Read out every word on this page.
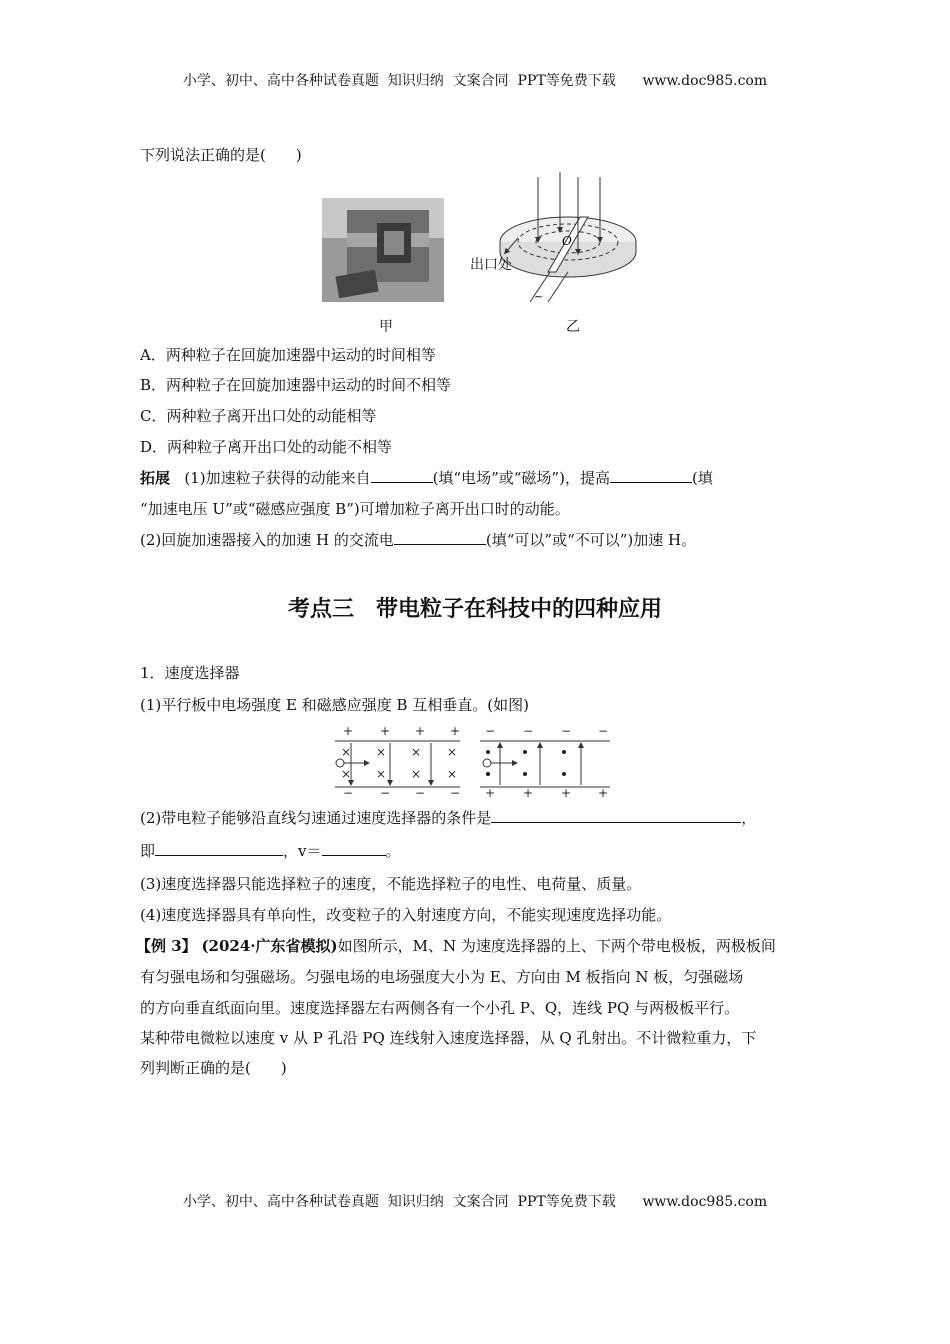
小学、初中、高中各种试卷真题  知识归纳  文案合同  PPT等免费下载      www.doc985.com
下列说法正确的是(　　)
O
~
出口处
甲	乙
A．两种粒子在回旋加速器中运动的时间相等
B．两种粒子在回旋加速器中运动的时间不相等
C．两种粒子离开出口处的动能相等
D．两种粒子离开出口处的动能不相等
拓展 (1)加速粒子获得的动能来自	(填“电场”或“磁场”)，提高	(填
“加速电压 U”或“磁感应强度 B”)可增加粒子离开出口时的动能。
(2)回旋加速器接入的加速 H 的交流电	(填“可以”或“不可以”)加速 H。
考点三　带电粒子在科技中的四种应用
1．速度选择器
(1)平行板中电场强度 E 和磁感应强度 B 互相垂直。(如图)
+ + + +
− − − −
− − − −
+ + + +
× × × ×
× × × ×
(2)带电粒子能够沿直线匀速通过速度选择器的条件是	，
即	，v＝	。
(3)速度选择器只能选择粒子的速度，不能选择粒子的电性、电荷量、质量。
(4)速度选择器具有单向性，改变粒子的入射速度方向，不能实现速度选择功能。
【例 3】 (2024·广东省模拟)如图所示，M、N 为速度选择器的上、下两个带电极板，两极板间
有匀强电场和匀强磁场。匀强电场的电场强度大小为 E、方向由 M 板指向 N 板，匀强磁场
的方向垂直纸面向里。速度选择器左右两侧各有一个小孔 P、Q，连线 PQ 与两极板平行。
某种带电微粒以速度 v 从 P 孔沿 PQ 连线射入速度选择器，从 Q 孔射出。不计微粒重力，下
列判断正确的是(　　)
小学、初中、高中各种试卷真题  知识归纳  文案合同  PPT等免费下载      www.doc985.com
